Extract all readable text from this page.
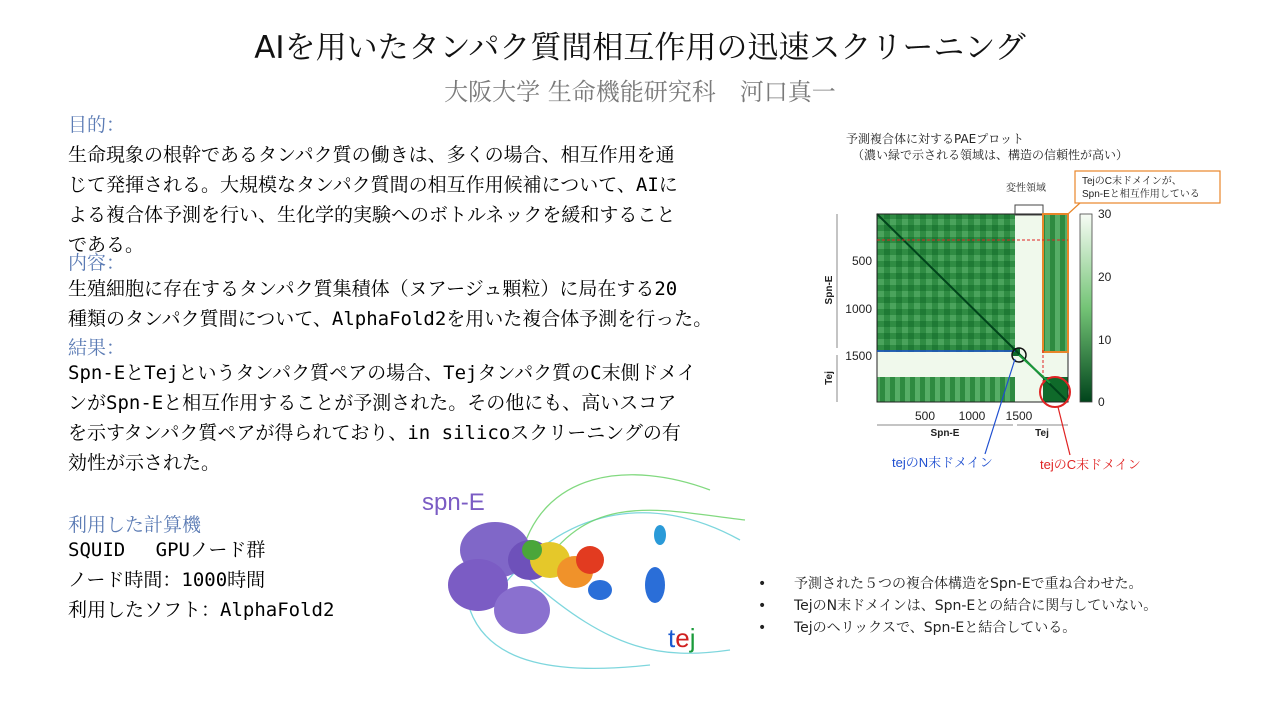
AIを用いたタンパク質間相互作用の迅速スクリーニング
大阪大学 生命機能研究科　河口真一
目的：
生命現象の根幹であるタンパク質の働きは、多くの場合、相互作用を通
じて発揮される。大規模なタンパク質間の相互作用候補について、AIに
よる複合体予測を行い、生化学的実験へのボトルネックを緩和すること
である。
内容：
生殖細胞に存在するタンパク質集積体（ヌアージュ顆粒）に局在する20
種類のタンパク質間について、AlphaFold2を用いた複合体予測を行った。
結果：
Spn-EとTejというタンパク質ペアの場合、Tejタンパク質のC末側ドメイ
ンがSpn-Eと相互作用することが予測された。その他にも、高いスコア
を示すタンパク質ペアが得られており、in silicoスクリーニングの有
効性が示された。
利用した計算機
SQUID　 GPUノード群
ノード時間：1000時間
利用したソフト：AlphaFold2
予測複合体に対するPAEプロット
（濃い緑で示される領域は、構造の信頼性が高い）
TejのC末ドメインが、
Spn-Eと相互作用している
変性領域
500
1000
1500
Spn-E
Tej
500 1000 1500
Spn-E	Tej
30
20
10
0
tejのN末ドメイン	tejのC末ドメイン
spn-E
tej
• 予測された５つの複合体構造をSpn-Eで重ね合わせた。
• TejのN末ドメインは、Spn-Eとの結合に関与していない。
• Tejのヘリックスで、Spn-Eと結合している。
